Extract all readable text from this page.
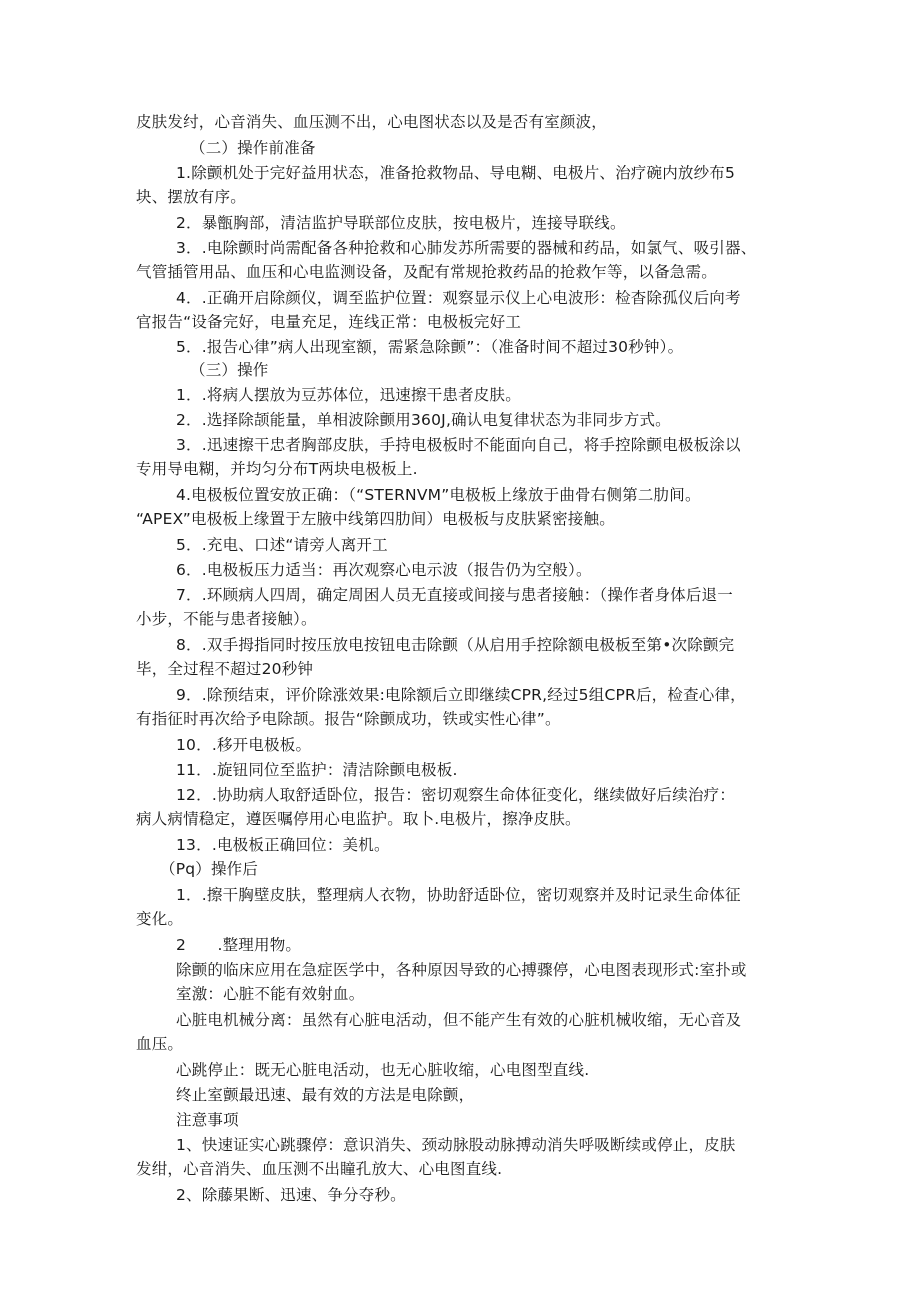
皮肤发纣，心音消失、血压测不出，心电图状态以及是否有室颜波，
（二）操作前准备
1.除颤机处于完好益用状态，准备抢救物品、导电糊、电极片、治疗碗内放纱布5
块、摆放有序。
2．暴甑胸部，清洁监护导联部位皮肤，按电极片，连接导联线。
3．.电除颤时尚需配备各种抢救和心肺发苏所需要的器械和药品，如氯气、吸引器、
气管插管用品、血压和心电监测设备，及配有常规抢救药品的抢救乍等，以备急需。
4．.正确开启除颜仪，调至监护位置：观察显示仪上心电波形：检杳除孤仪后向考
官报告“设备完好，电量充足，连线正常：电极板完好工
5．.报告心律”病人出现室额，需紧急除颤”：（准备时间不超过30秒钟）。
（三）操作
1．.将病人摆放为豆苏体位，迅速擦干患者皮肤。
2．.选择除颉能量，单相波除颤用360J,确认电复律状态为非同步方式。
3．.迅速擦干忠者胸部皮肤，手持电极板时不能面向自己，将手控除颤电极板涂以
专用导电糊，并均匀分布T两块电极板上.
4.电极板位置安放正确：（“STERNVM”电极板上缘放于曲骨右侧第二肋间。
“APEX”电极板上缘置于左腋中线第四肋间）电极板与皮肤紧密接触。
5．.充电、口述“请旁人离开工
6．.电极板压力适当：再次观察心电示波（报告仍为空般）。
7．.环顾病人四周，确定周困人员无直接或间接与患者接触：（操作者身体后退一
小步，不能与患者接触）。
8．.双手拇指同时按压放电按钮电击除颤（从启用手控除额电极板至第•次除颤完
毕，全过程不超过20秒钟
9．.除预结束，评价除涨效果:电除额后立即继续CPR,经过5组CPR后，检查心律，
有指征时再次给予电除颉。报告“除颤成功，铁或实性心律”。
10．.移开电极板。
11．.旋钮同位至监护：清洁除颤电极板.
12．.协助病人取舒适卧位，报告：密切观察生命体征变化，继续做好后续治疗：
病人病情稳定，遵医嘱停用心电监护。取卜.电极片，擦净皮肤。
13．.电极板正确回位：美机。
（Pq）操作后
1．.擦干胸壁皮肤，整理病人衣物，协助舒适卧位，密切观察并及时记录生命体征
变化。
2　　.整理用物。
除颤的临床应用在急症医学中，各种原因导致的心搏骤停，心电图表现形式:室扑或
室激：心脏不能有效射血。
心脏电机械分离：虽然有心脏电活动，但不能产生有效的心脏机械收缩，无心音及
血压。
心跳停止：既无心脏电活动，也无心脏收缩，心电图型直线.
终止室颤最迅速、最有效的方法是电除颤，
注意事项
1、快速证实心跳骤停：意识消失、颈动脉股动脉搏动消失呼吸断续或停止，皮肤
发绀，心音消失、血压测不出瞳孔放大、心电图直线.
2、除藤果断、迅速、争分夺秒。
